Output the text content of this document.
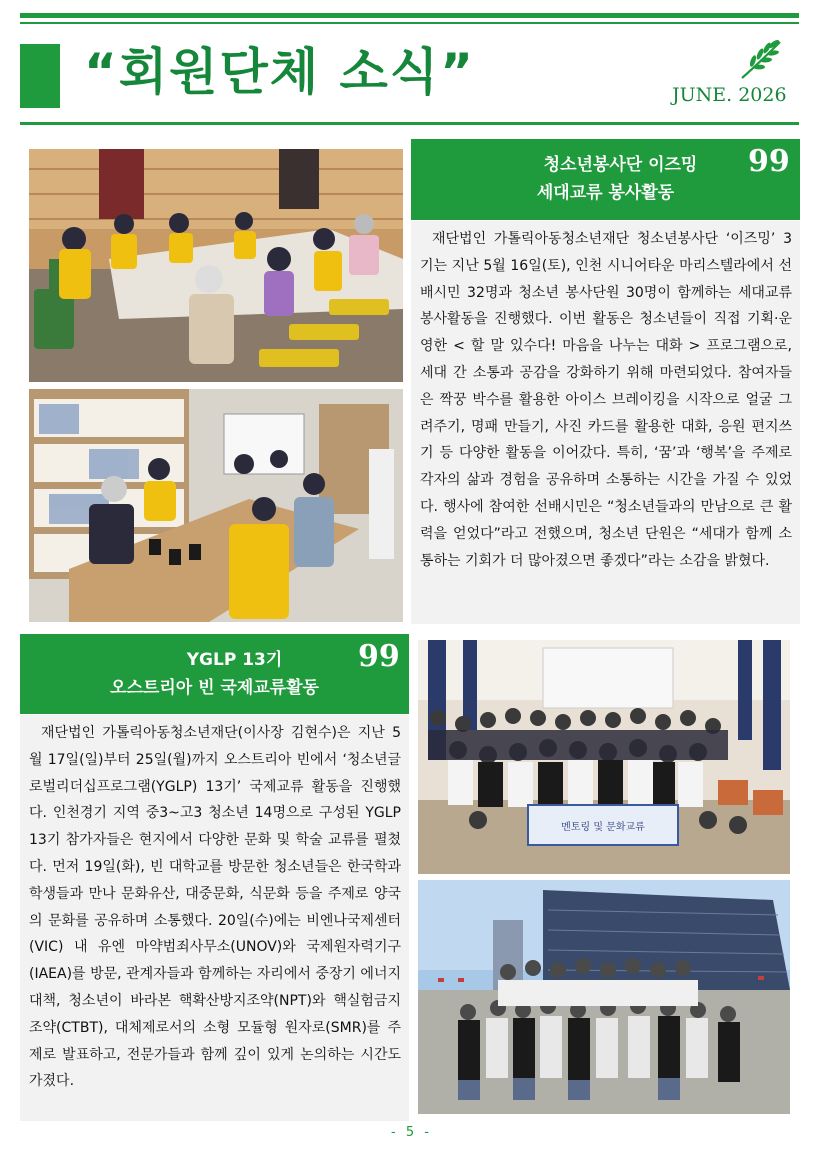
“회원단체 소식”	JUNE. 2026
청소년봉사단 이즈밍
세대교류 봉사활동
99

재단법인 가톨릭아동청소년재단 청소년봉사단 ‘이즈밍’ 3기는 지난 5월 16일(토), 인천 시니어타운 마리스텔라에서 선배시민 32명과 청소년 봉사단원 30명이 함께하는 세대교류 봉사활동을 진행했다. 이번 활동은 청소년들이 직접 기획·운영한 < 할 말 있수다! 마음을 나누는 대화 > 프로그램으로, 세대 간 소통과 공감을 강화하기 위해 마련되었다. 참여자들은 짝꿍 박수를 활용한 아이스 브레이킹을 시작으로 얼굴 그려주기, 명패 만들기, 사진 카드를 활용한 대화, 응원 편지쓰기 등 다양한 활동을 이어갔다. 특히, ‘꿈’과 ‘행복’을 주제로 각자의 삶과 경험을 공유하며 소통하는 시간을 가질 수 있었다. 행사에 참여한 선배시민은 “청소년들과의 만남으로 큰 활력을 얻었다”라고 전했으며, 청소년 단원은 “세대가 함께 소통하는 기회가 더 많아졌으면 좋겠다”라는 소감을 밝혔다.

YGLP 13기
오스트리아 빈 국제교류활동
99

재단법인 가톨릭아동청소년재단(이사장 김현수)은 지난 5월 17일(일)부터 25일(월)까지 오스트리아 빈에서 ‘청소년글로벌리더십프로그램(YGLP) 13기’ 국제교류 활동을 진행했다. 인천경기 지역 중3~고3 청소년 14명으로 구성된 YGLP 13기 참가자들은 현지에서 다양한 문화 및 학술 교류를 펼쳤다. 먼저 19일(화), 빈 대학교를 방문한 청소년들은 한국학과 학생들과 만나 문화유산, 대중문화, 식문화 등을 주제로 양국의 문화를 공유하며 소통했다. 20일(수)에는 비엔나국제센터(VIC) 내 유엔 마약범죄사무소(UNOV)와 국제원자력기구(IAEA)를 방문, 관계자들과 함께하는 자리에서 중장기 에너지 대책, 청소년이 바라본 핵확산방지조약(NPT)와 핵실험금지 조약(CTBT), 대체제로서의 소형 모듈형 원자로(SMR)를 주제로 발표하고, 전문가들과 함께 깊이 있게 논의하는 시간도 가졌다.

멘토링 및 문화교류
- 5 -
